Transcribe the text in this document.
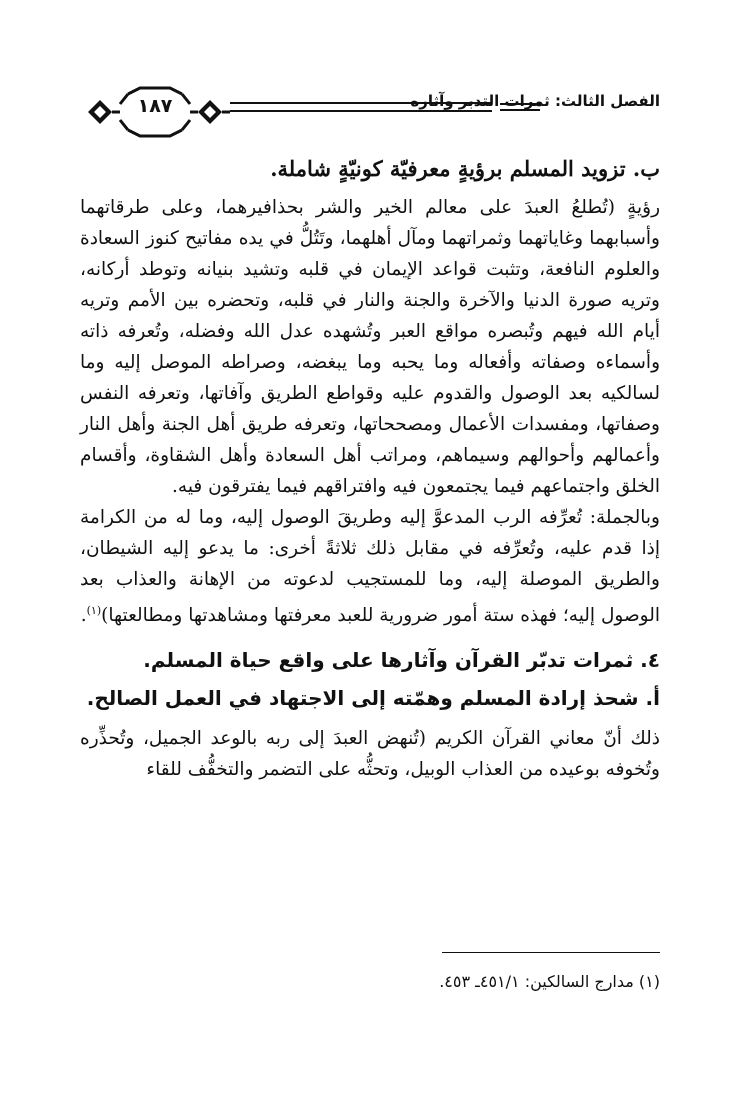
١٨٧	الفصل الثالث: ثمرات التدبر وآثاره
ب. تزويد المسلم برؤيةٍ معرفيّة كونيّةٍ شاملة.

رؤيةٍ (تُطلعُ العبدَ على معالم الخير والشر بحذافيرهما، وعلى طرقاتهما وأسبابهما وغاياتهما وثمراتهما ومآل أهلهما، وتَتُلُّ في يده مفاتيح كنوز السعادة والعلوم النافعة، وتثبت قواعد الإيمان في قلبه وتشيد بنيانه وتوطد أركانه، وتريه صورة الدنيا والآخرة والجنة والنار في قلبه، وتحضره بين الأمم وتريه أيام الله فيهم وتُبصره مواقع العبر وتُشهده عدل الله وفضله، وتُعرفه ذاته وأسماءه وصفاته وأفعاله وما يحبه وما يبغضه، وصراطه الموصل إليه وما لسالكيه بعد الوصول والقدوم عليه وقواطع الطريق وآفاتها، وتعرفه النفس وصفاتها، ومفسدات الأعمال ومصححاتها، وتعرفه طريق أهل الجنة وأهل النار وأعمالهم وأحوالهم وسيماهم، ومراتب أهل السعادة وأهل الشقاوة، وأقسام الخلق واجتماعهم فيما يجتمعون فيه وافتراقهم فيما يفترقون فيه.

وبالجملة: تُعرِّفه الرب المدعوَّ إليه وطريقَ الوصول إليه، وما له من الكرامة إذا قدم عليه، وتُعرِّفه في مقابل ذلك ثلاثةً أخرى: ما يدعو إليه الشيطان، والطريق الموصلة إليه، وما للمستجيب لدعوته من الإهانة والعذاب بعد الوصول إليه؛ فهذه ستة أمور ضرورية للعبد معرفتها ومشاهدتها ومطالعتها)$^{(١)}$.

٤. ثمرات تدبّر القرآن وآثارها على واقع حياة المسلم.
أ. شحذ إرادة المسلم وهمّته إلى الاجتهاد في العمل الصالح.

ذلك أنّ معاني القرآن الكريم (تُنهض العبدَ إلى ربه بالوعد الجميل، وتُحذِّره وتُخوفه بوعيده من العذاب الوبيل، وتحثُّه على التضمر والتخفُّف للقاء

(١) مدارج السالكين: ٤٥١/١ـ ٤٥٣.
